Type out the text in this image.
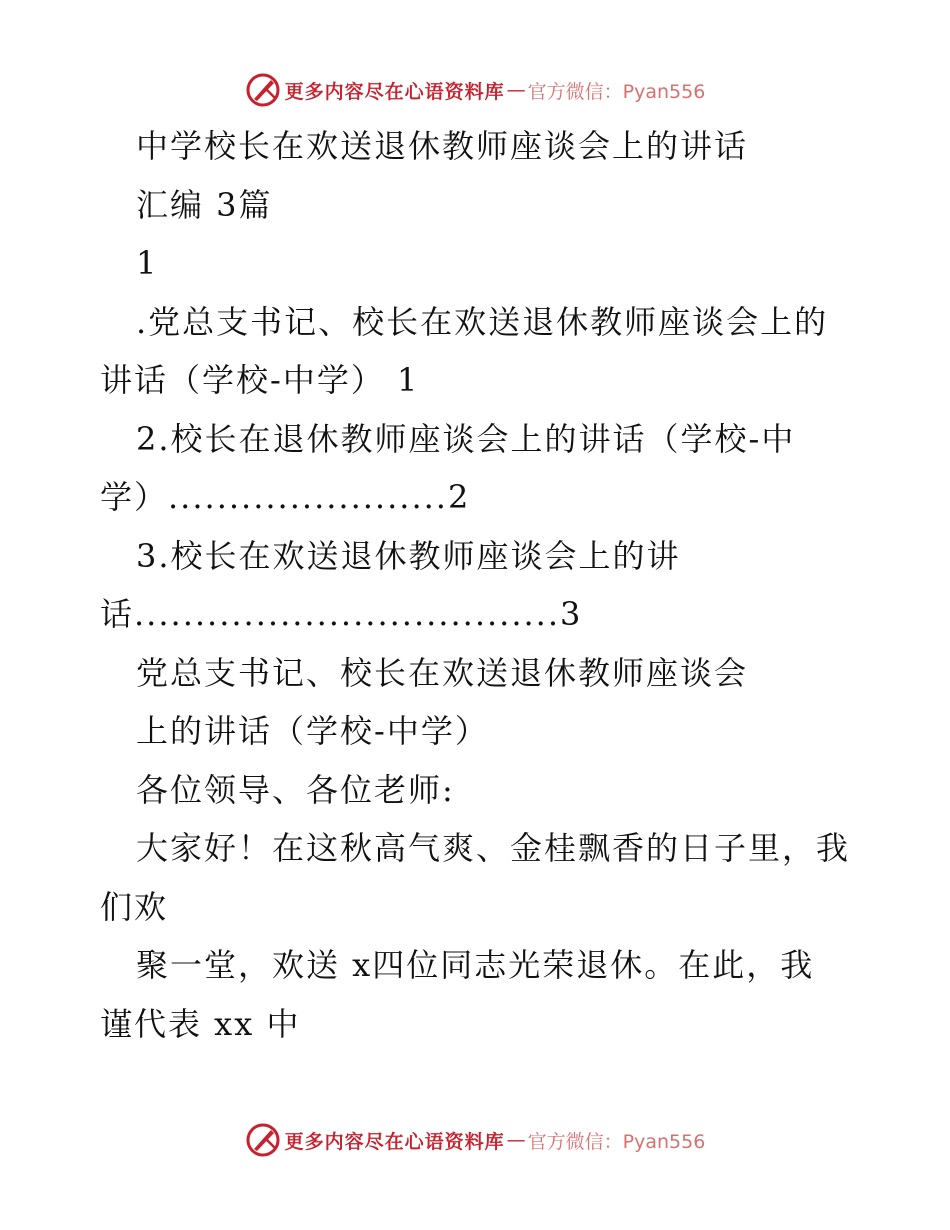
更多内容尽在心语资料库 — 官方微信：Pyan556
中学校长在欢送退休教师座谈会上的讲话
汇编 3篇
1
.党总支书记、校长在欢送退休教师座谈会上的
讲话（学校-中学） 1
2.校长在退休教师座谈会上的讲话（学校-中
学）.......................2
3.校长在欢送退休教师座谈会上的讲
话...................................3
党总支书记、校长在欢送退休教师座谈会
上的讲话（学校-中学）
各位领导、各位老师:
大家好！在这秋高气爽、金桂飘香的日子里，我
们欢
聚一堂，欢送 x四位同志光荣退休。在此，我
谨代表 xx 中
更多内容尽在心语资料库 — 官方微信：Pyan556
